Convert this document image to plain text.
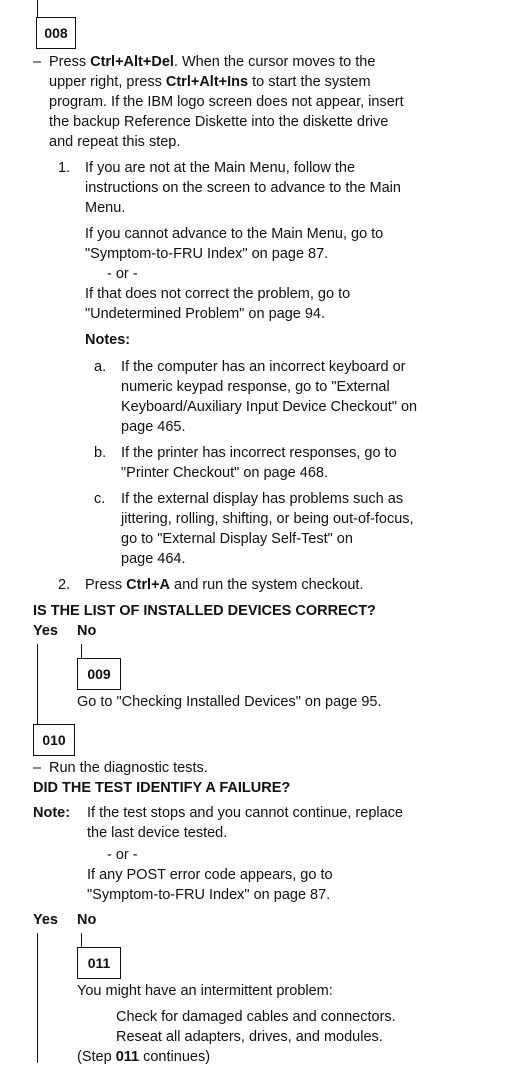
008
– Press Ctrl+Alt+Del. When the cursor moves to the
upper right, press Ctrl+Alt+Ins to start the system
program. If the IBM logo screen does not appear, insert
the backup Reference Diskette into the diskette drive
and repeat this step.
1. If you are not at the Main Menu, follow the
instructions on the screen to advance to the Main
Menu.
If you cannot advance to the Main Menu, go to
"Symptom-to-FRU Index" on page 87.
- or -
If that does not correct the problem, go to
"Undetermined Problem" on page 94.
Notes:
a. If the computer has an incorrect keyboard or
numeric keypad response, go to "External
Keyboard/Auxiliary Input Device Checkout" on
page 465.
b. If the printer has incorrect responses, go to
"Printer Checkout" on page 468.
c. If the external display has problems such as
jittering, rolling, shifting, or being out-of-focus,
go to "External Display Self-Test" on
page 464.
2. Press Ctrl+A and run the system checkout.
IS THE LIST OF INSTALLED DEVICES CORRECT?
Yes No
009
Go to "Checking Installed Devices" on page 95.
010
– Run the diagnostic tests.
DID THE TEST IDENTIFY A FAILURE?
Note: If the test stops and you cannot continue, replace
the last device tested.
- or -
If any POST error code appears, go to
"Symptom-to-FRU Index" on page 87.
Yes No
011
You might have an intermittent problem:
Check for damaged cables and connectors.
Reseat all adapters, drives, and modules.
(Step 011 continues)
